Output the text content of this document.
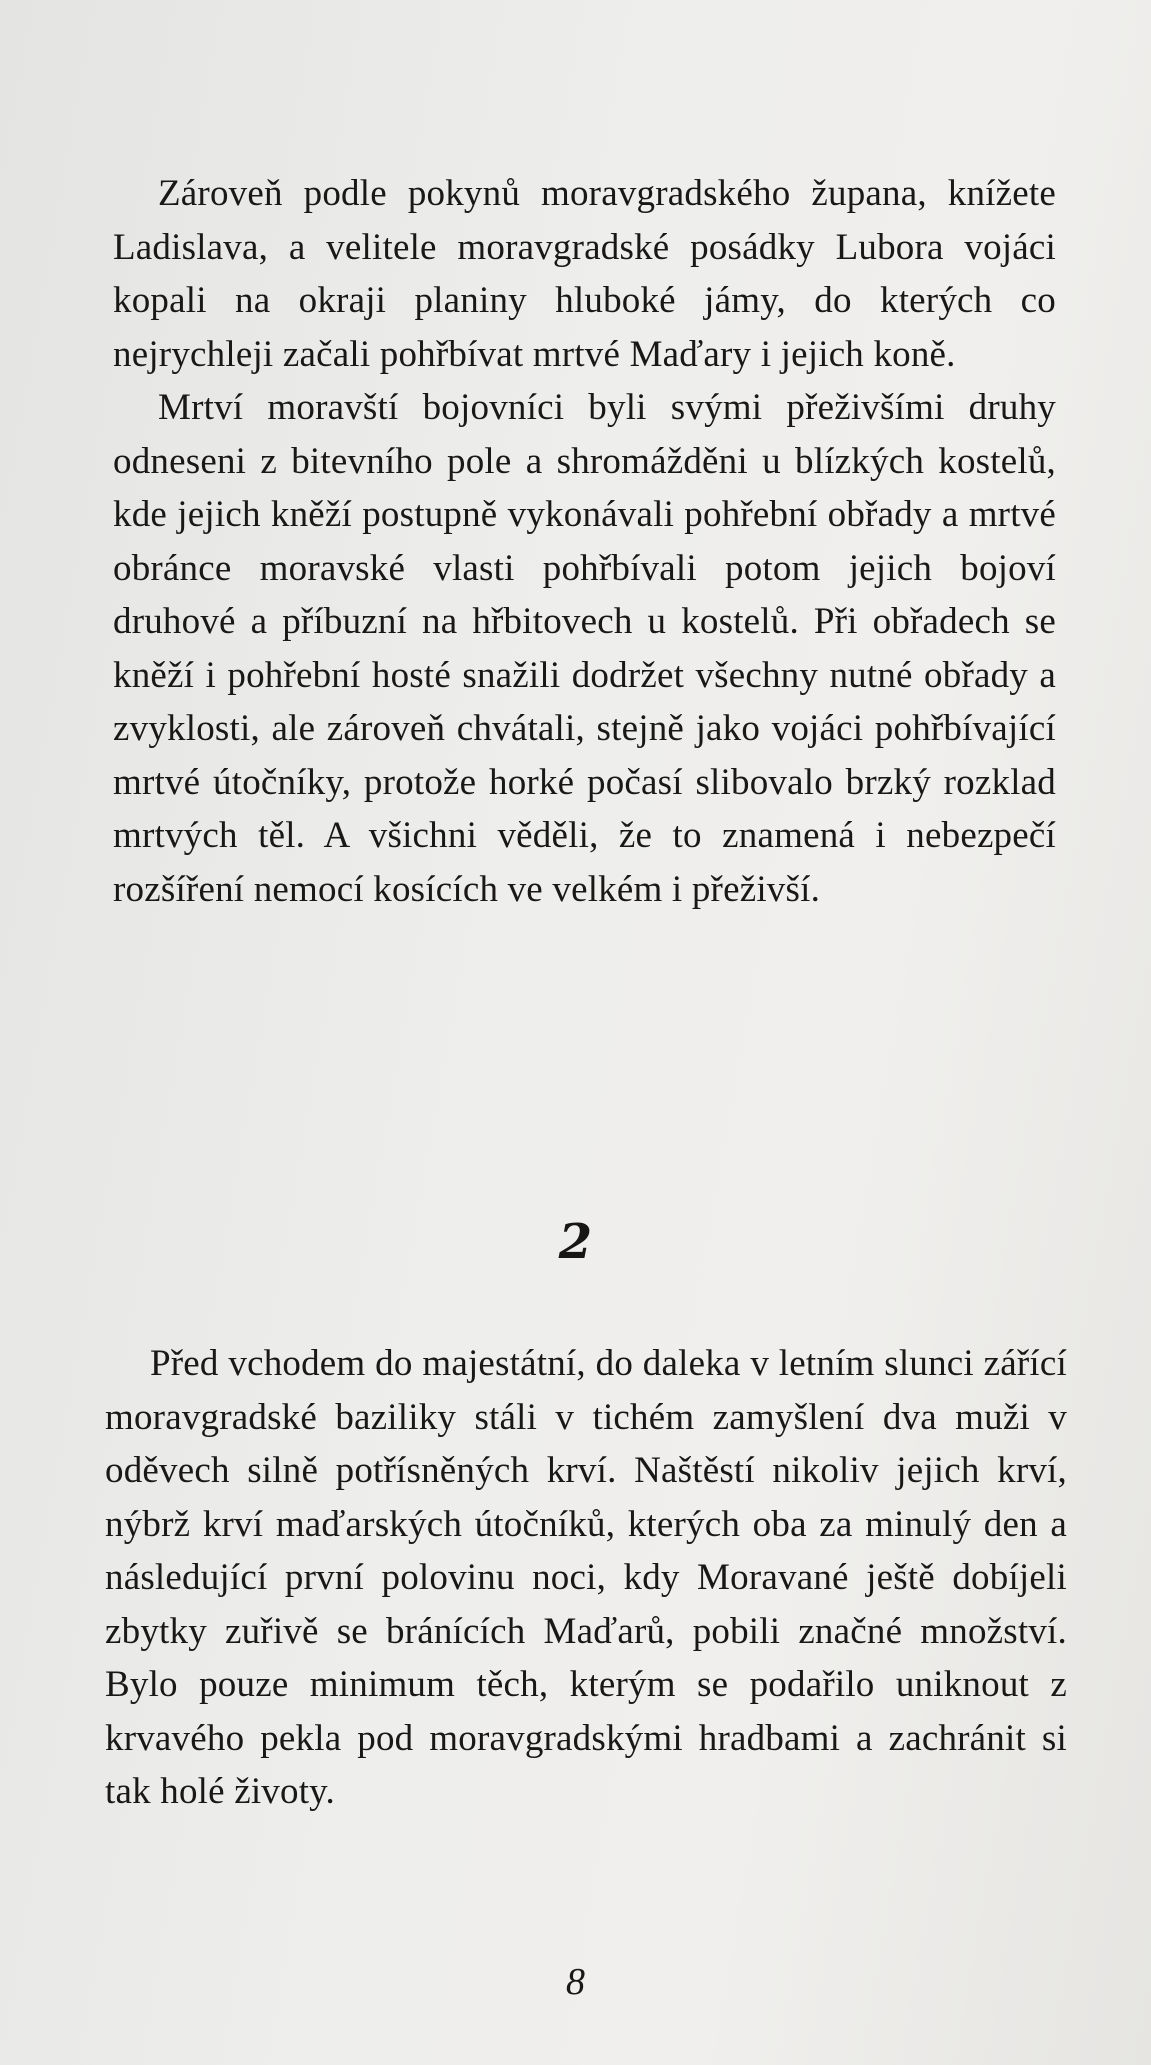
Zároveň podle pokynů moravgradského župana, knížete Ladislava, a velitele moravgradské posádky Lubora vojáci kopali na okraji planiny hluboké jámy, do kterých co nejrychleji začali pohřbívat mrtvé Maďary i jejich koně.

Mrtví moravští bojovníci byli svými přeživšími druhy odneseni z bitevního pole a shromážděni u blízkých kostelů, kde jejich kněží postupně vykonávali pohřební obřady a mrtvé obránce moravské vlasti pohřbívali potom jejich bojoví druhové a příbuzní na hřbitovech u kostelů. Při obřadech se kněží i pohřební hosté snažili dodržet všechny nutné obřady a zvyklosti, ale zároveň chvátali, stejně jako vojáci pohřbívající mrtvé útočníky, protože horké počasí slibovalo brzký rozklad mrtvých těl. A všichni věděli, že to znamená i nebezpečí rozšíření nemocí kosících ve velkém i přeživší.

2

Před vchodem do majestátní, do daleka v letním slunci zářící moravgradské baziliky stáli v tichém zamyšlení dva muži v oděvech silně potřísněných krví. Naštěstí nikoliv jejich krví, nýbrž krví maďarských útočníků, kterých oba za minulý den a následující první polovinu noci, kdy Moravané ještě dobíjeli zbytky zuřivě se bránících Maďarů, pobili značné množství. Bylo pouze minimum těch, kterým se podařilo uniknout z krvavého pekla pod moravgradskými hradbami a zachránit si tak holé životy.

8
